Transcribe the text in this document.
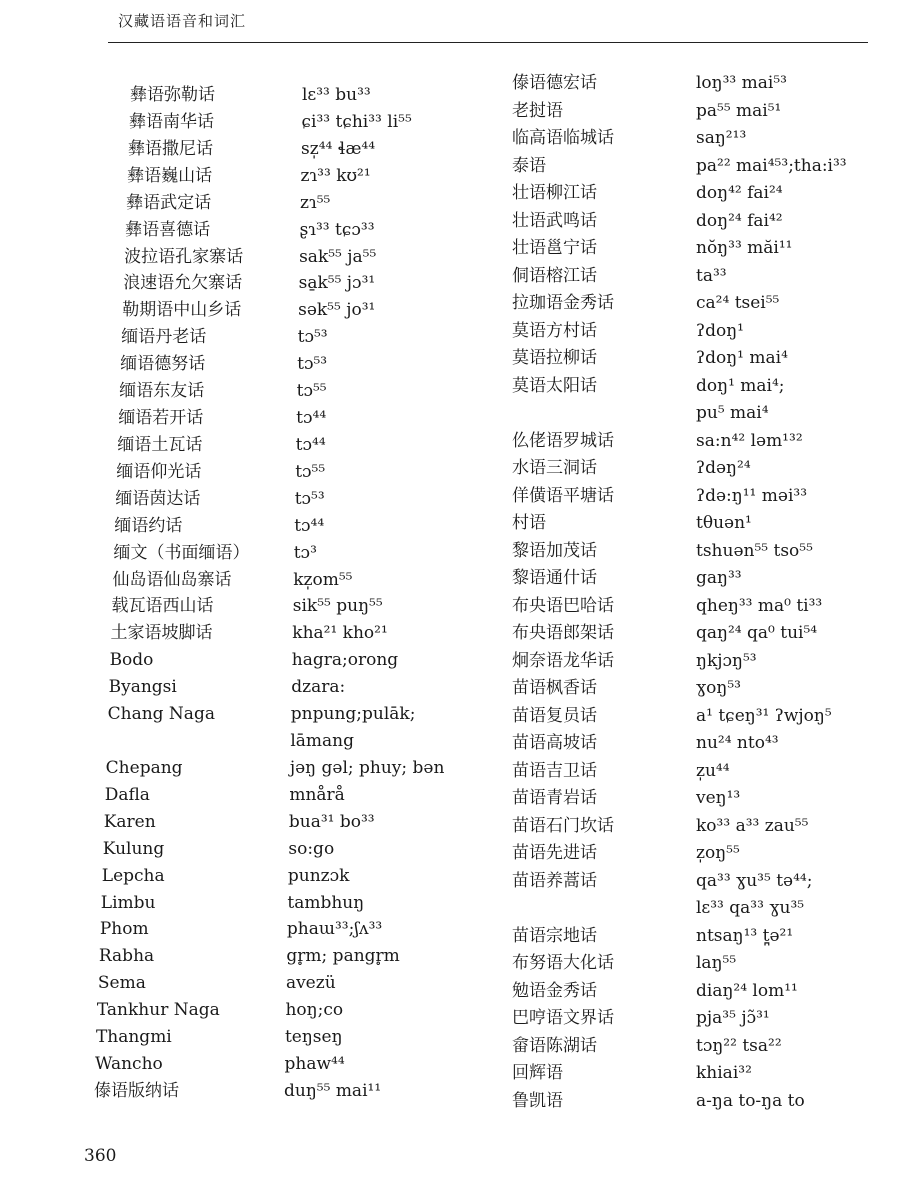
汉藏语语音和词汇
彝语弥勒话	lɛ³³ bu³³
彝语南华话	ɕi³³ tɕhi³³ li⁵⁵
彝语撒尼话	sz̩⁴⁴ ɬæ⁴⁴
彝语巍山话	zɿ³³ kʊ²¹
彝语武定话	zɿ⁵⁵
彝语喜德话	ʂɿ³³ tɕɔ³³
波拉语孔家寨话	sak⁵⁵ ja⁵⁵
浪速语允欠寨话	sa̱k⁵⁵ jɔ³¹
勒期语中山乡话	sək⁵⁵ jo³¹
缅语丹老话	tɔ⁵³
缅语德努话	tɔ⁵³
缅语东友话	tɔ⁵⁵
缅语若开话	tɔ⁴⁴
缅语土瓦话	tɔ⁴⁴
缅语仰光话	tɔ⁵⁵
缅语茵达话	tɔ⁵³
缅语约话	tɔ⁴⁴
缅文（书面缅语）	tɔ³
仙岛语仙岛寨话	kz̩om⁵⁵
载瓦语西山话	sik⁵⁵ puŋ⁵⁵
土家语坡脚话	kha²¹ kho²¹
Bodo	hagra;orong
Byangsi	dzara:
Chang Naga	pnpung;pulāk;
lāmang
Chepang	jəŋ gəl; phuy; bən
Dafla	mnårå
Karen	bua³¹ bo³³
Kulung	so:go
Lepcha	punzɔk
Limbu	tambhuŋ
Phom	phaɯ³³;ʃʌ³³
Rabha	gr̥m; pangr̥m
Sema	avezü
Tankhur Naga	hoŋ;co
Thangmi	teŋseŋ
Wancho	phaw⁴⁴
傣语版纳话	duŋ⁵⁵ mai¹¹
傣语德宏话	loŋ³³ mai⁵³
老挝语	pa⁵⁵ mai⁵¹
临高语临城话	saŋ²¹³
泰语	pa²² mai⁴⁵³;tha:i³³
壮语柳江话	doŋ⁴² fai²⁴
壮语武鸣话	doŋ²⁴ fai⁴²
壮语邕宁话	nŏŋ³³ măi¹¹
侗语榕江话	ta³³
拉珈语金秀话	ca²⁴ tsei⁵⁵
莫语方村话	ʔdoŋ¹
莫语拉柳话	ʔdoŋ¹ mai⁴
莫语太阳话	doŋ¹ mai⁴;
pu⁵ mai⁴
仫佬语罗城话	sa:n⁴² ləm¹³²
水语三洞话	ʔdəŋ²⁴
佯僙语平塘话	ʔdə:ŋ¹¹ məi³³
村语	tθuən¹
黎语加茂话	tshuən⁵⁵ tso⁵⁵
黎语通什话	gaŋ³³
布央语巴哈话	qheŋ³³ ma⁰ ti³³
布央语郎架话	qaŋ²⁴ qa⁰ tui⁵⁴
炯奈语龙华话	ŋkjɔŋ⁵³
苗语枫香话	ɣoŋ⁵³
苗语复员话	a¹ tɕeŋ³¹ ʔwjoŋ⁵
苗语高坡话	nu²⁴ nto⁴³
苗语吉卫话	z̩u⁴⁴
苗语青岩话	veŋ¹³
苗语石门坎话	ko³³ a³³ zau⁵⁵
苗语先进话	z̩oŋ⁵⁵
苗语养蒿话	qa³³ ɣu³⁵ tə⁴⁴;
lɛ³³ qa³³ ɣu³⁵
苗语宗地话	ntsaŋ¹³ t̪ə²¹
布努语大化话	laŋ⁵⁵
勉语金秀话	diaŋ²⁴ lom¹¹
巴哼语文界话	pja³⁵ jɔ̃³¹
畲语陈湖话	tɔŋ²² tsa²²
回辉语	khiai³²
鲁凯语	a-ŋa to-ŋa to
360
